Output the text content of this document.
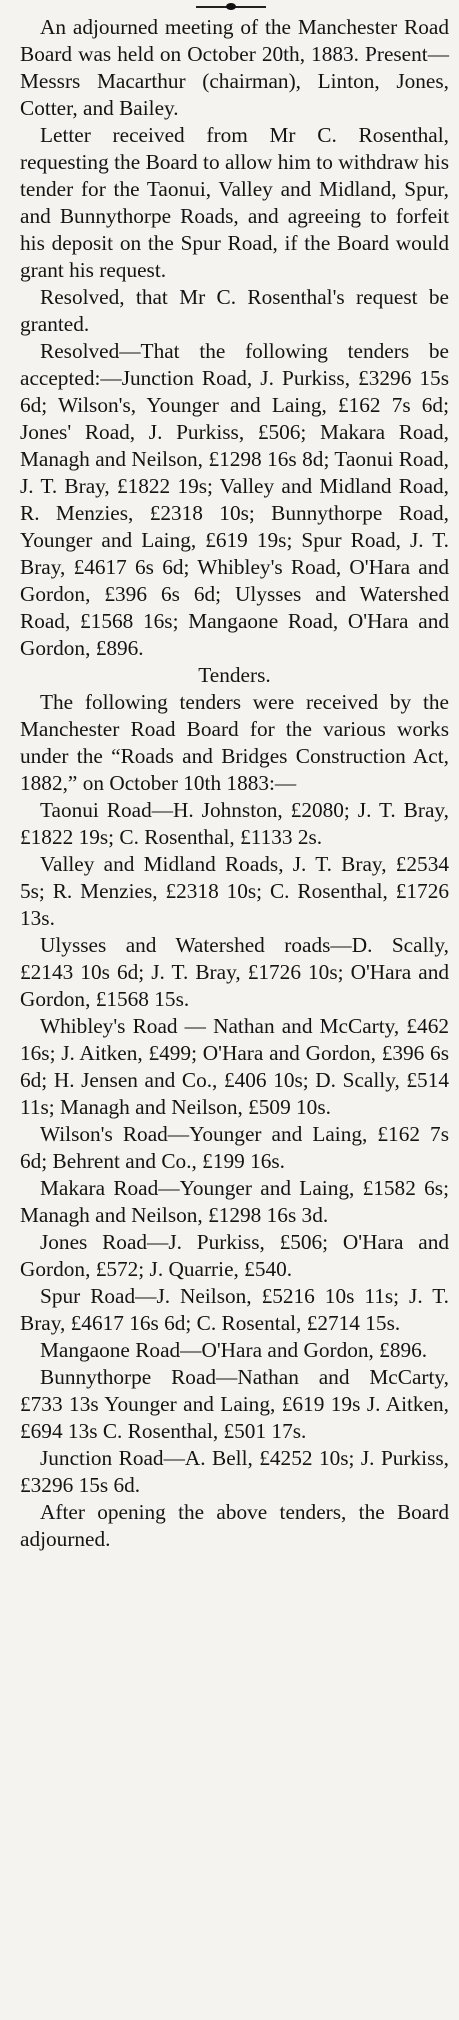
An adjourned meeting of the Manchester Road Board was held on October 20th, 1883. Present—Messrs Macarthur (chairman), Linton, Jones, Cotter, and Bailey.

Letter received from Mr C. Rosenthal, requesting the Board to allow him to withdraw his tender for the Taonui, Valley and Midland, Spur, and Bunnythorpe Roads, and agreeing to forfeit his deposit on the Spur Road, if the Board would grant his request.

Resolved, that Mr C. Rosenthal's request be granted.

Resolved—That the following tenders be accepted:—Junction Road, J. Purkiss, £3296 15s 6d; Wilson's, Younger and Laing, £162 7s 6d; Jones' Road, J. Purkiss, £506; Makara Road, Managh and Neilson, £1298 16s 8d; Taonui Road, J. T. Bray, £1822 19s; Valley and Midland Road, R. Menzies, £2318 10s; Bunnythorpe Road, Younger and Laing, £619 19s; Spur Road, J. T. Bray, £4617 6s 6d; Whibley's Road, O'Hara and Gordon, £396 6s 6d; Ulysses and Watershed Road, £1568 16s; Mangaone Road, O'Hara and Gordon, £896.

Tenders.

The following tenders were received by the Manchester Road Board for the various works under the “Roads and Bridges Construction Act, 1882,” on October 10th 1883:—

Taonui Road—H. Johnston, £2080; J. T. Bray, £1822 19s; C. Rosenthal, £1133 2s.

Valley and Midland Roads, J. T. Bray, £2534 5s; R. Menzies, £2318 10s; C. Rosenthal, £1726 13s.

Ulysses and Watershed roads—D. Scally, £2143 10s 6d; J. T. Bray, £1726 10s; O'Hara and Gordon, £1568 15s.

Whibley's Road — Nathan and McCarty, £462 16s; J. Aitken, £499; O'Hara and Gordon, £396 6s 6d; H. Jensen and Co., £406 10s; D. Scally, £514 11s; Managh and Neilson, £509 10s.

Wilson's Road—Younger and Laing, £162 7s 6d; Behrent and Co., £199 16s.

Makara Road—Younger and Laing, £1582 6s; Managh and Neilson, £1298 16s 3d.

Jones Road—J. Purkiss, £506; O'Hara and Gordon, £572; J. Quarrie, £540.

Spur Road—J. Neilson, £5216 10s 11s; J. T. Bray, £4617 16s 6d; C. Rosental, £2714 15s.

Mangaone Road—O'Hara and Gordon, £896.

Bunnythorpe Road—Nathan and McCarty, £733 13s Younger and Laing, £619 19s J. Aitken, £694 13s C. Rosenthal, £501 17s.

Junction Road—A. Bell, £4252 10s; J. Purkiss, £3296 15s 6d.

After opening the above tenders, the Board adjourned.
